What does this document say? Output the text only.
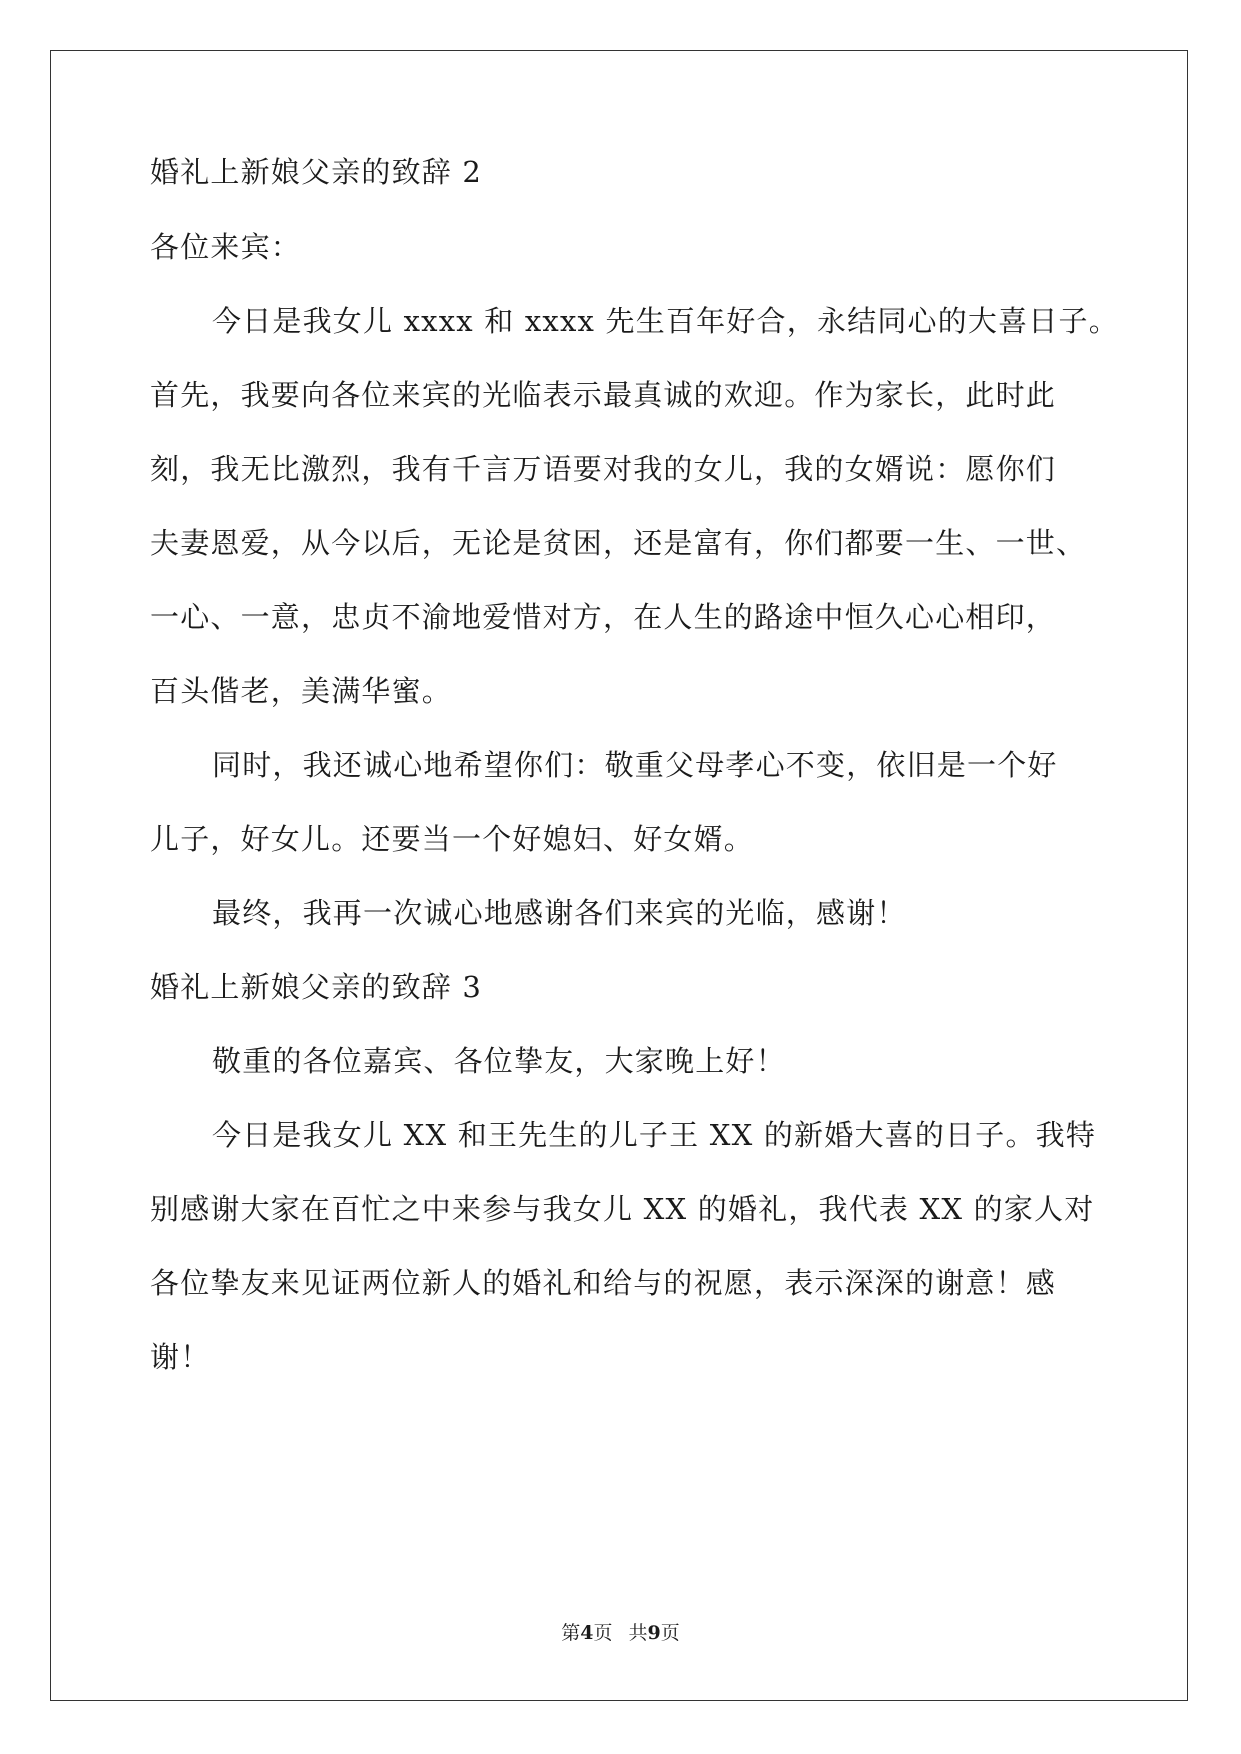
婚礼上新娘父亲的致辞 2
各位来宾：
今日是我女儿 xxxx 和 xxxx 先生百年好合，永结同心的大喜日子。
首先，我要向各位来宾的光临表示最真诚的欢迎。作为家长，此时此
刻，我无比激烈，我有千言万语要对我的女儿，我的女婿说：愿你们
夫妻恩爱，从今以后，无论是贫困，还是富有，你们都要一生、一世、
一心、一意，忠贞不渝地爱惜对方，在人生的路途中恒久心心相印，
百头偕老，美满华蜜。
同时，我还诚心地希望你们：敬重父母孝心不变，依旧是一个好
儿子，好女儿。还要当一个好媳妇、好女婿。
最终，我再一次诚心地感谢各们来宾的光临，感谢！
婚礼上新娘父亲的致辞 3
敬重的各位嘉宾、各位挚友，大家晚上好！
今日是我女儿 XX 和王先生的儿子王 XX 的新婚大喜的日子。我特
别感谢大家在百忙之中来参与我女儿 XX 的婚礼，我代表 XX 的家人对
各位挚友来见证两位新人的婚礼和给与的祝愿，表示深深的谢意！感
谢！
第4页 共9页
